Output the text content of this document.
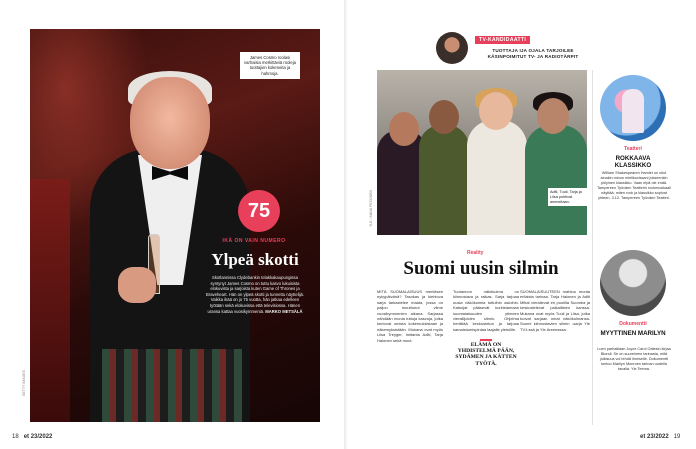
GETTY IMAGES
James Cosmo roolasi varhaisia merkittäviä rooleja tuottajien kokeneita ja hahmoja.
75
IKÄ ON VAIN NUMERO
Ylpeä skotti
Skotlannissa Clydebankin telakkakaupungissa syntynyt James Cosmo on tuttu kasvo lukuisista elokuvista ja sarjoista kuten Game of Thrones ja Braveheart. Hän on ylpeä skotti ja tunnettu näyttelijä. Vaikka ikää on jo 75 vuotta, hän jatkaa edelleen työtään sekä elokuvissa että televisiossa. Hänen uransa kattaa vuosikymmeniä. MARKO METSÄLÄ
18 et 23/2022
TV-KANDIDAATTI
TUOTTAJA IJA OJALA TARJOILEE KÄSINPOIMITUT TV- JA RADIOTÄRPIT
Aditi, Tuuli, Tarja ja Liisa pohtivat ammeitaan.
YLE / ANNA PESONEN
Reality
Suomi uusin silmin
MITÄ SUOMALAISUUS merkitsee nykypäivänä? Tasokas ja kiehtova sarja tarkastelee maata, jossa on paljon muuttunut viime vuosikymmenien aikana. Sarjassa nähdään monia tuttuja kasvoja, jotka kertovat omista kokemuksistaan ja näkemyksistään. Mukana ovat myös Liisa Treyger, Imitanta Aditi, Tarja Halonen sekä muut.
Tuotannon näkökulma on kiinnostava ja raikas. Sarja tarjoaa uusia näkökulmia tuttuihin asioihin. Katsojat pääsevät kurkistamaan suomalaisuuden ytimeen vierailijoiden silmin. Ohjelma herättää keskustelua ja tarjoaa samaistumispintaa laajalle yleisölle.
ELÄMÄ ON YHDISTELMÄ PÄÄN, SYDÄMEN JA KÄTTEN TYÖTÄ.
SUOMALAISUUTEEN mahtuu monta erilaista tarinaa. Tarja Halonen ja Aditi Mittal vierailevat eri puolilla Suomea ja keskustelevat paikallisten kanssa. Mukana ovat myös Tuuli ja Liisa, jotka tuovat sarjaan omat näkökulmansa. Suomi kiinnostavien silmin -sarja Yle TV1:ssä ja Yle Areenassa.
Teatteri
ROKKAAVA KLASSIKKO
William Shakespearen Hamlet on ollut ainakin minun mielikuvissani jokseenkin pölyinen klassikko. Vaan eipä ole enää. Tampereen Työväen Teatterin rockmusikaali näyttää, miten rock ja klassikko sopivat yhteen. 3.12. Tampereen Työväen Teatteri.
Dokumentti
MYYTTINEN MARILYN
Luen parhaillaan Joyce Carol Oatesin kirjaa Blondi. Se on suurelmen tarinasta, mitä julkisuus voi tehdä ihmiselle. Dokumentti kertoo Marilyn Monroen tarinan uudella tavalla. Yle Teema.
et 23/2022 19
